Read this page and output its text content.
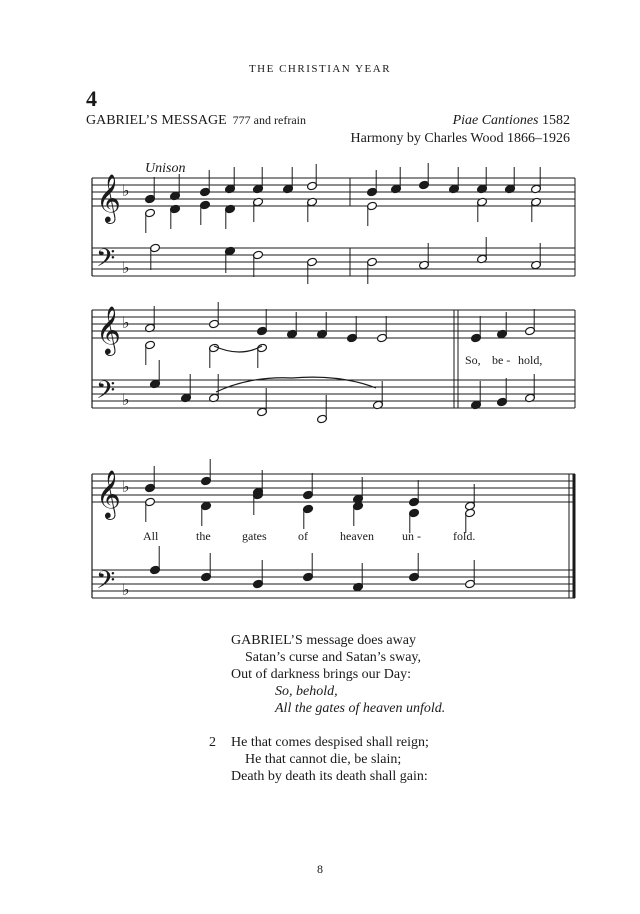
THE CHRISTIAN YEAR
4
GABRIEL’S MESSAGE 777 and refrain	Piae Cantiones 1582
Harmony by Charles Wood 1866–1926
Unison
𝄞
𝄢
♭
♭
𝄞
𝄢
♭
♭
𝄞
𝄢
♭
♭
So, be - hold,
All	the	gates	of	heaven un -	fold.
GABRIEL’S message does away
Satan’s curse and Satan’s sway,
Out of darkness brings our Day:
So, behold,
All the gates of heaven unfold.
2 He that comes despised shall reign;
He that cannot die, be slain;
Death by death its death shall gain:
8
